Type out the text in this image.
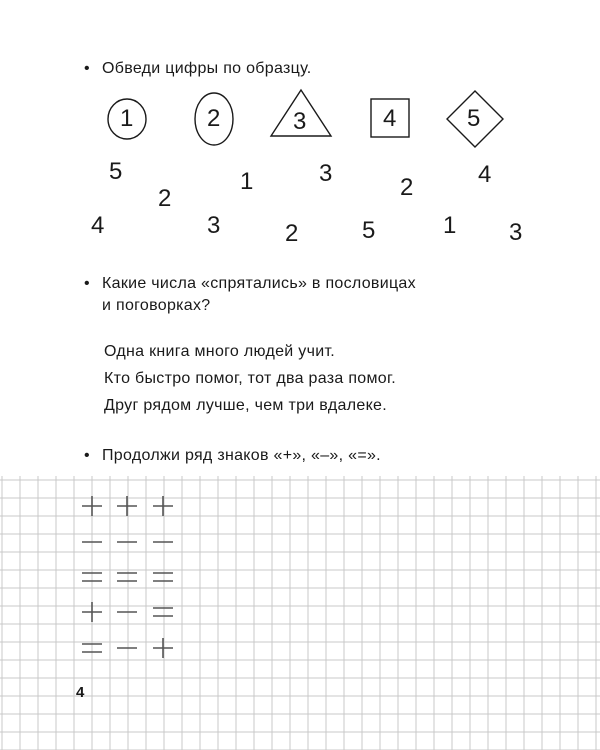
• Обведи цифры по образцу.
1	2	3	4	5
5
2
1	3
2	4
4	3	2	5	1 3
• Какие числа «спрятались» в пословицах
и поговорках?
Одна книга много людей учит.
Кто быстро помог, тот два раза помог.
Друг рядом лучше, чем три вдалеке.
• Продолжи ряд знаков «+», «–», «=».
4
